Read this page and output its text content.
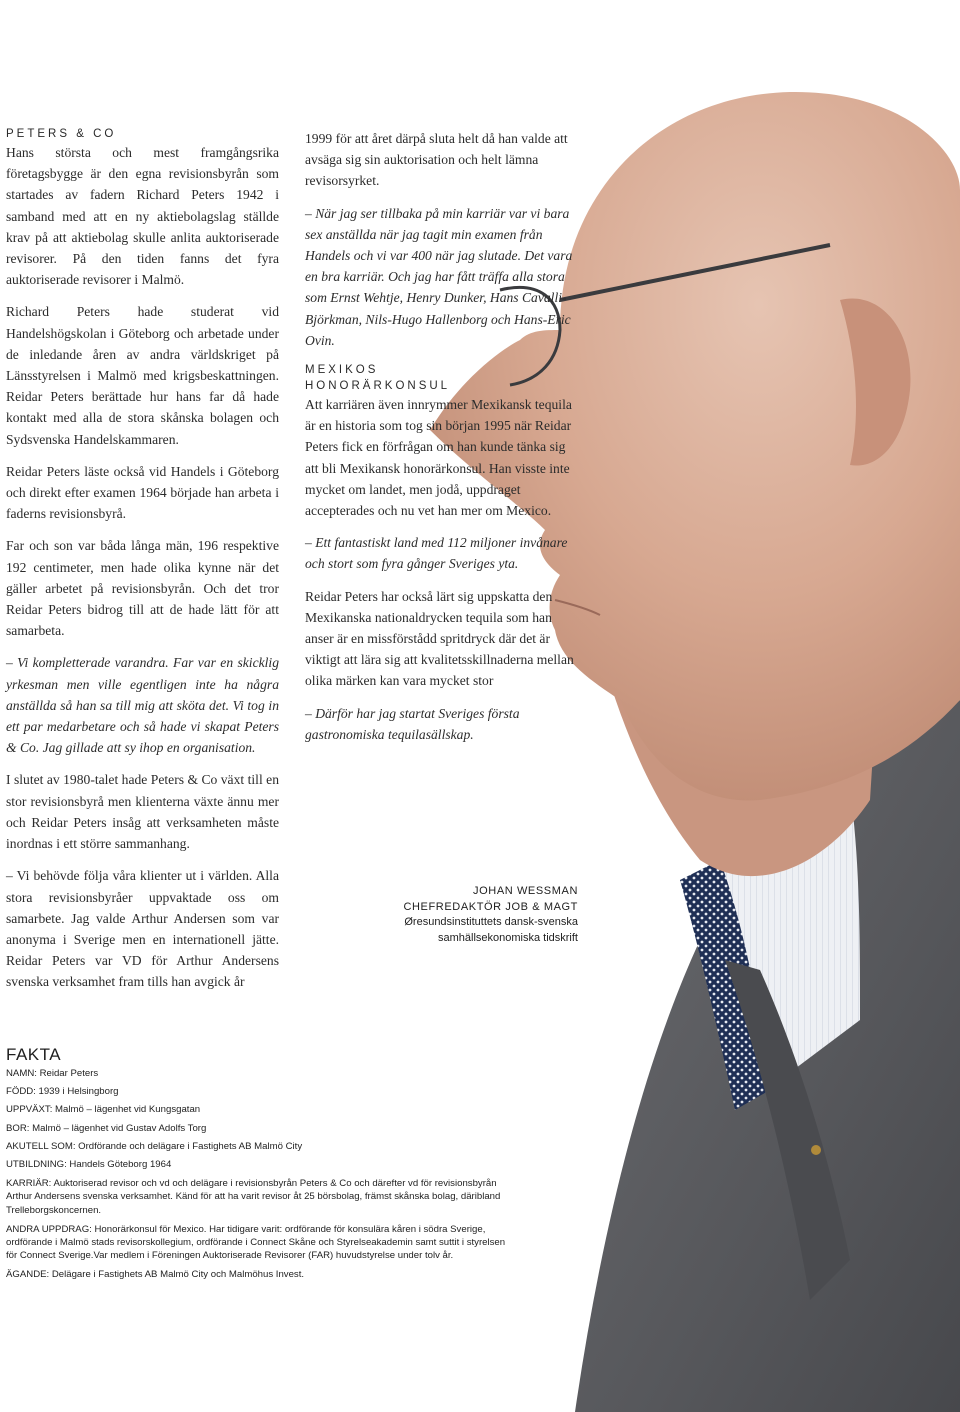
PETERS & CO

Hans största och mest framgångsrika företagsbygge är den egna revisionsbyrån som startades av fadern Richard Peters 1942 i samband med att en ny aktiebolagslag ställde krav på att aktiebolag skulle anlita auktoriserade revisorer. På den tiden fanns det fyra auktoriserade revisorer i Malmö.

Richard Peters hade studerat vid Handelshögskolan i Göteborg och arbetade under de inledande åren av andra världskriget på Länsstyrelsen i Malmö med krigsbeskattningen. Reidar Peters berättade hur hans far då hade kontakt med alla de stora skånska bolagen och Sydsvenska Handelskammaren.

Reidar Peters läste också vid Handels i Göteborg och direkt efter examen 1964 började han arbeta i faderns revisionsbyrå.

Far och son var båda långa män, 196 respektive 192 centimeter, men hade olika kynne när det gäller arbetet på revisionsbyrån. Och det tror Reidar Peters bidrog till att de hade lätt för att samarbeta.

– Vi kompletterade varandra. Far var en skicklig yrkesman men ville egentligen inte ha några anställda så han sa till mig att sköta det. Vi tog in ett par medarbetare och så hade vi skapat Peters & Co. Jag gillade att sy ihop en organisation.

I slutet av 1980-talet hade Peters & Co växt till en stor revisionsbyrå men klienterna växte ännu mer och Reidar Peters insåg att verksamheten måste inordnas i ett större sammanhang.

– Vi behövde följa våra klienter ut i världen. Alla stora revisionsbyråer uppvaktade oss om samarbete. Jag valde Arthur Andersen som var anonyma i Sverige men en internationell jätte. Reidar Peters var VD för Arthur Andersens svenska verksamhet fram tills han avgick år

1999 för att året därpå sluta helt då han valde att avsäga sig sin auktorisation och helt lämna revisorsyrket.

– När jag ser tillbaka på min karriär var vi bara sex anställda när jag tagit min examen från Handels och vi var 400 när jag slutade. Det vara en bra karriär. Och jag har fått träffa alla stora som Ernst Wehtje, Henry Dunker, Hans Cavalli-Björkman, Nils-Hugo Hallenborg och Hans-Eric Ovin.

MEXIKOS
HONORÄRKONSUL

Att karriären även innrymmer Mexikansk tequila är en historia som tog sin början 1995 när Reidar Peters fick en förfrågan om han kunde tänka sig att bli Mexikansk honorärkonsul. Han visste inte mycket om landet, men jodå, uppdraget accepterades och nu vet han mer om Mexico.

– Ett fantastiskt land med 112 miljoner invånare och stort som fyra gånger Sveriges yta.

Reidar Peters har också lärt sig uppskatta den Mexikanska nationaldrycken tequila som han anser är en missförstådd spritdryck där det är viktigt att lära sig att kvalitetsskillnaderna mellan olika märken kan vara mycket stor

– Därför har jag startat Sveriges första gastronomiska tequilasällskap.

JOHAN WESSMAN
CHEFREDAKTÖR JOB & MAGT
Øresundsinstituttets dansk-svenska
samhällsekonomiska tidskrift
FAKTA
NAMN: Reidar Peters
FÖDD: 1939 i Helsingborg
UPPVÄXT: Malmö – lägenhet vid Kungsgatan
BOR: Malmö – lägenhet vid Gustav Adolfs Torg
AKUTELL SOM: Ordförande och delägare i Fastighets AB Malmö City
UTBILDNING: Handels Göteborg 1964
KARRIÄR: Auktoriserad revisor och vd och delägare i revisionsbyrån Peters & Co och därefter vd för revisionsbyrån Arthur Andersens svenska verksamhet. Känd för att ha varit revisor åt 25 börsbolag, främst skånska bolag, däribland Trelleborgskoncernen.
ANDRA UPPDRAG: Honorärkonsul för Mexico. Har tidigare varit: ordförande för konsulära kåren i södra Sverige, ordförande i Malmö stads revisorskollegium, ordförande i Connect Skåne och Styrelseakademin samt suttit i styrelsen för Connect Sverige.Var medlem i Föreningen Auktoriserade Revisorer (FAR) huvudstyrelse under tolv år.
ÄGANDE: Delägare i Fastighets AB Malmö City och Malmöhus Invest.
